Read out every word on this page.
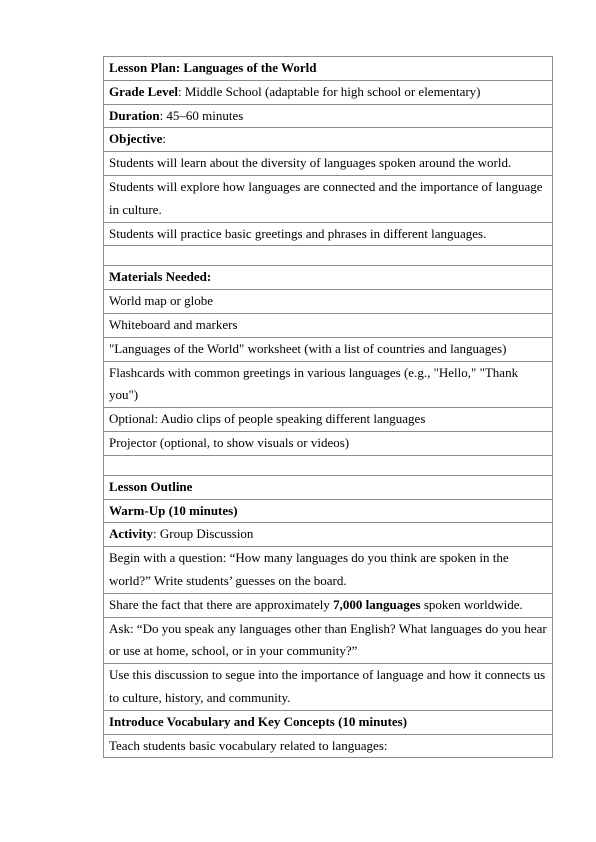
Lesson Plan: Languages of the World
Grade Level: Middle School (adaptable for high school or elementary)
Duration: 45–60 minutes
Objective:
Students will learn about the diversity of languages spoken around the world.
Students will explore how languages are connected and the importance of language in culture.
Students will practice basic greetings and phrases in different languages.

Materials Needed:
World map or globe
Whiteboard and markers
"Languages of the World" worksheet (with a list of countries and languages)
Flashcards with common greetings in various languages (e.g., "Hello," "Thank you")
Optional: Audio clips of people speaking different languages
Projector (optional, to show visuals or videos)

Lesson Outline
Warm-Up (10 minutes)
Activity: Group Discussion
Begin with a question: “How many languages do you think are spoken in the world?” Write students’ guesses on the board.
Share the fact that there are approximately 7,000 languages spoken worldwide.
Ask: “Do you speak any languages other than English? What languages do you hear or use at home, school, or in your community?”
Use this discussion to segue into the importance of language and how it connects us to culture, history, and community.
Introduce Vocabulary and Key Concepts (10 minutes)
Teach students basic vocabulary related to languages:
